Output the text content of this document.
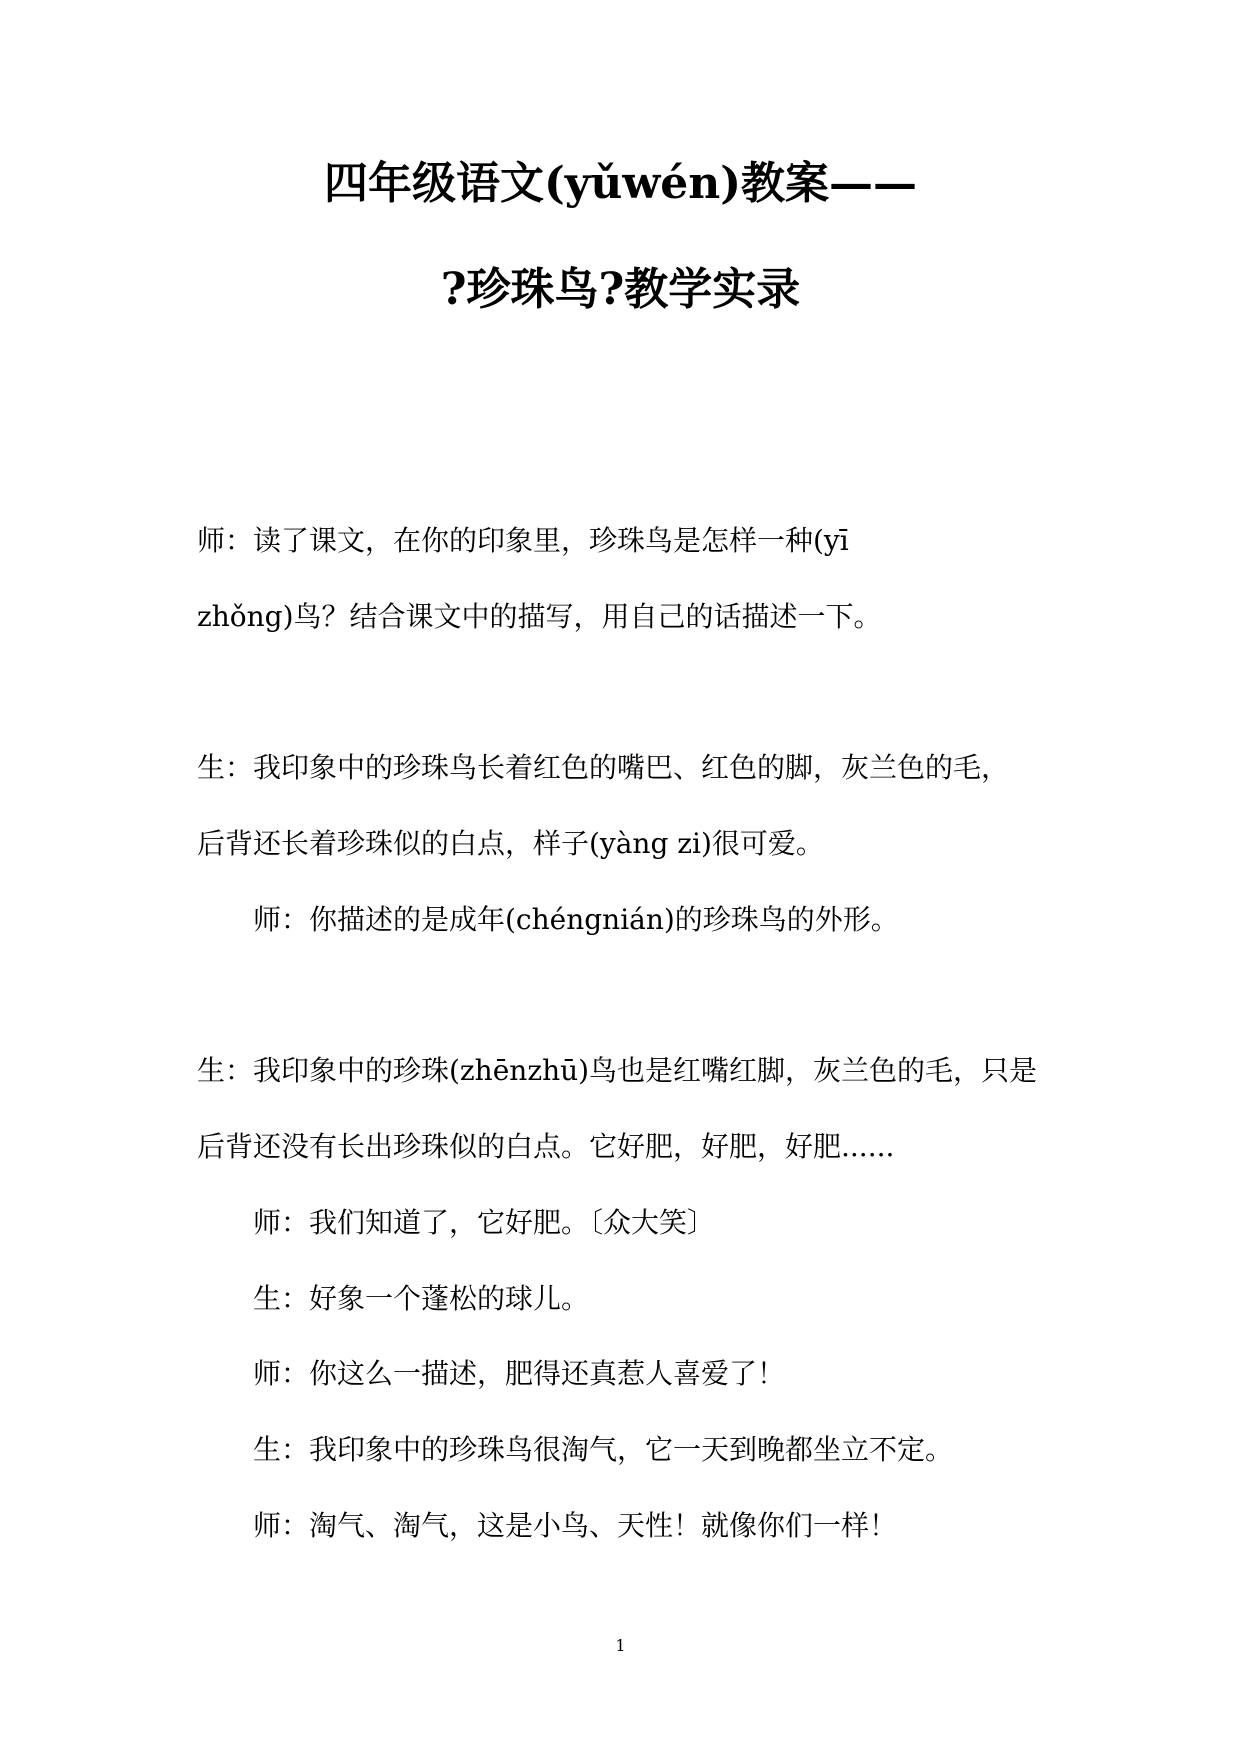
四年级语文(yǔwén)教案——
?珍珠鸟?教学实录
师：读了课文，在你的印象里，珍珠鸟是怎样一种(yī
zhǒng)鸟？结合课文中的描写，用自己的话描述一下。
生：我印象中的珍珠鸟长着红色的嘴巴、红色的脚，灰兰色的毛，
后背还长着珍珠似的白点，样子(yàng zi)很可爱。
师：你描述的是成年(chéngnián)的珍珠鸟的外形。
生：我印象中的珍珠(zhēnzhū)鸟也是红嘴红脚，灰兰色的毛，只是
后背还没有长出珍珠似的白点。它好肥，好肥，好肥......
师：我们知道了，它好肥。〔众大笑〕
生：好象一个蓬松的球儿。
师：你这么一描述，肥得还真惹人喜爱了！
生：我印象中的珍珠鸟很淘气，它一天到晚都坐立不定。
师：淘气、淘气，这是小鸟、天性！就像你们一样！
1
